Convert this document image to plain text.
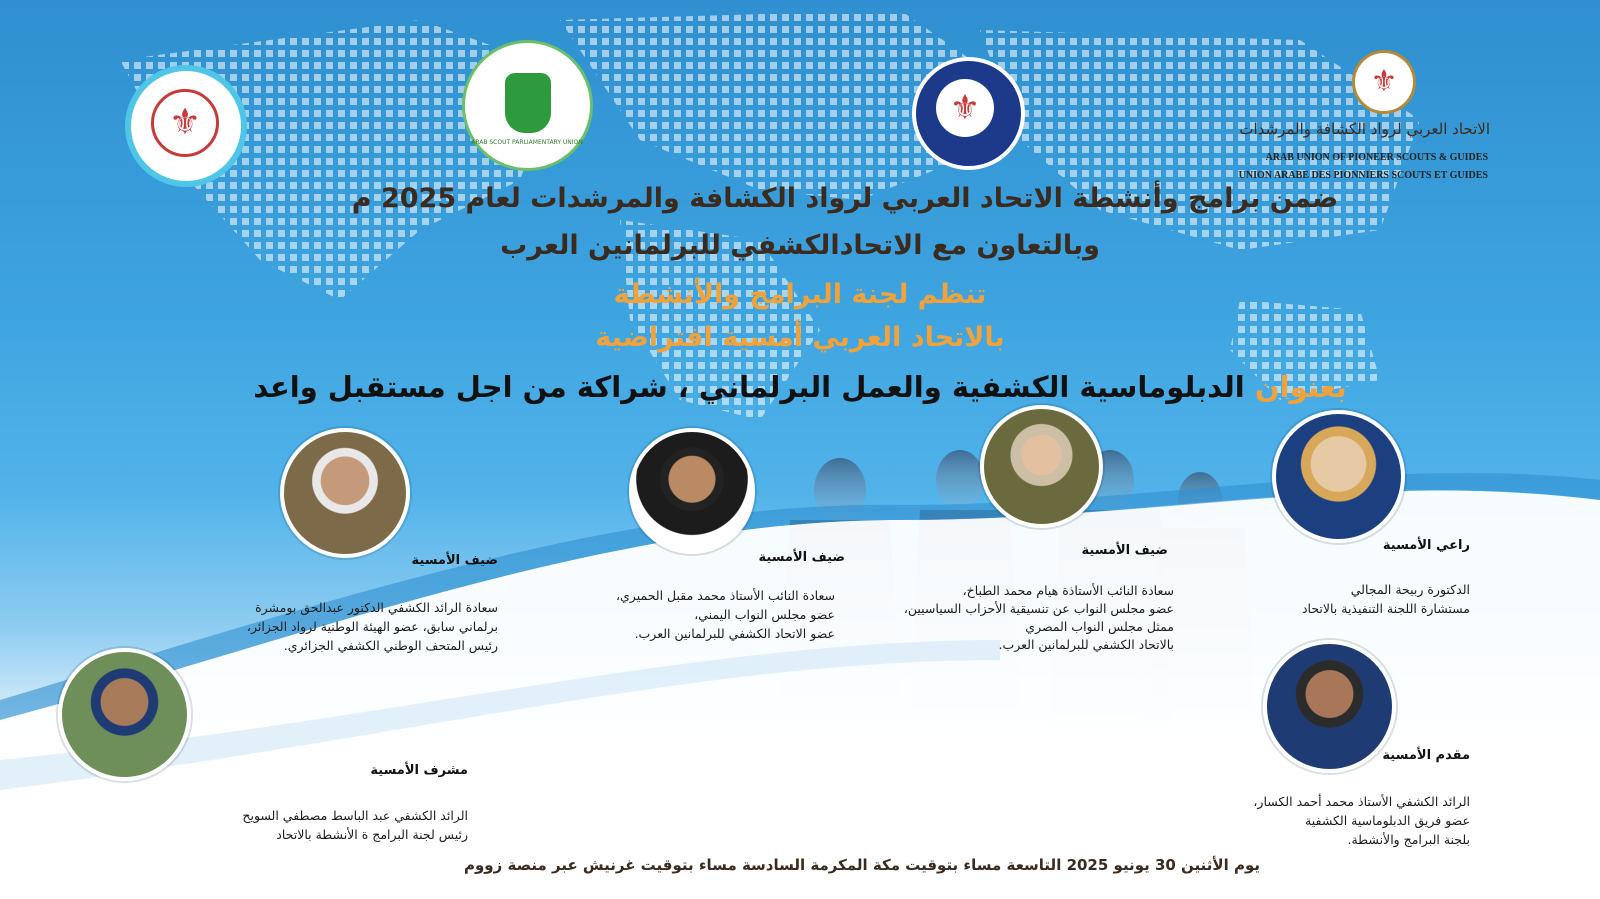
⚜	ARAB SCOUT PARLIAMENTARY UNION
⚜
⚜
الاتحاد العربي لرواد الكشافة والمرشدات
ARAB UNION OF PIONEER SCOUTS & GUIDES
UNION ARABE DES PIONNIERS SCOUTS ET GUIDES
ضمن برامج وأنشطة الاتحاد العربي لرواد الكشافة والمرشدات لعام 2025 م
وبالتعاون مع الاتحادالكشفي للبرلمانين العرب
تنظم لجنة البرامج والأنشطة
بالاتحاد العربي أمسية افتراضية
بعنوان الدبلوماسية الكشفية والعمل البرلماني ، شراكة من اجل مستقبل واعد
راعي الأمسية
الدكتورة ربيحة المجالي
مستشارة اللجنة التنفيذية بالاتحاد
ضيف الأمسية
سعادة النائب الأستاذة هيام محمد الطباخ،
عضو مجلس النواب عن تنسيقية الأحزاب السياسيين،
ممثل مجلس النواب المصري
بالاتحاد الكشفي للبرلمانين العرب.
ضيف الأمسية
سعادة النائب الأستاذ محمد مقبل الحميري،
عضو مجلس النواب اليمني،
عضو الاتحاد الكشفي للبرلمانين العرب.
ضيف الأمسية
سعادة الرائد الكشفي الدكتور عبدالحق بومشرة
برلماني سابق، عضو الهيئة الوطنية لرواد الجزائر،
رئيس المتحف الوطني الكشفي الجزائري.
مقدم الأمسية
الرائد الكشفي الأستاذ محمد أحمد الكسار،
عضو فريق الدبلوماسية الكشفية
بلجنة البرامج والأنشطة.
مشرف الأمسية
الرائد الكشفي عبد الباسط مصطفي السويح
رئيس لجنة البرامج ة الأنشطة بالاتحاد
يوم الأثنين 30 يونيو 2025 التاسعة مساء بتوقيت مكة المكرمة السادسة مساء بتوقيت غرنيش عبر منصة زووم
